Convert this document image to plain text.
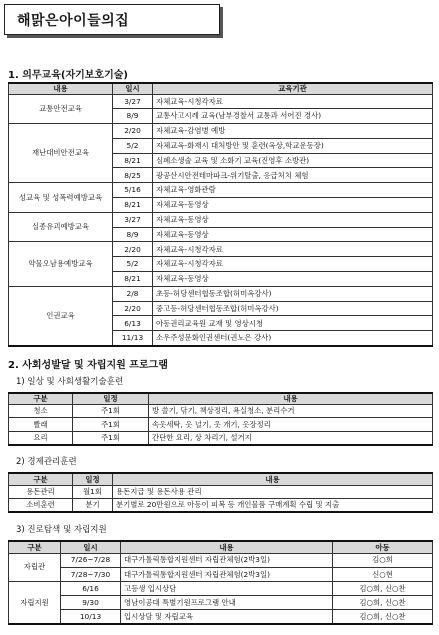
해맑은아이들의집
1. 의무교육(자기보호기술)
내용	일시	교육기관
교통안전교육	3/27	자체교육-시청각자료
	8/9	교통사고시례 교육(남부경찰서 교통과 서어진 경사)
재난대비안전교육	2/20	자체교육-감염병 예방
	5/2	자체교육-화재시 대처방안 및 훈련(옥상,학교운동장)
	8/21	심폐소생술 교육 및 소화기 교육(진영후 소방관)
	8/25	광공산시안전테마파크-위기탈출, 응급처치 체험
성교육 및 성폭력예방교육	5/16	자체교육-영화관람
	8/21	자체교육-동영상
실종유괴예방교육	3/27	자체교육-동영상
	8/9	자체교육-동영상
약물오남용예방교육	2/20	자체교육-시청각자료
	5/2	자체교육-시청각자료
	8/21	자체교육-동영상
인권교육	2/8	초등-허당센터협동조합(허미옥강사)
	2/20	중고등-허당센터협동조합(허미옥강사)
	6/13	아동권리교육원 교재 및 영상시청
	11/13	소우주성문화인권센터(권노은 강사)
2. 사회성발달 및 자립지원 프로그램
1) 일상 및 사회생활기술훈련
구분	일정	내용
청소	주1회	방 쓸기, 닦기, 책상정리, 욕실청소, 분리수거
빨래	주1회	속옷세탁, 옷 널기, 옷 개기, 옷장정리
요리	주1회	간단한 요리, 상 차리기, 설거지
2) 경제관리훈련
구분	일정	내용
용돈관리	월1회	용돈지급 및 용돈사용 관리
소비훈련	분기	분기별로 20만원으로 아동이 피복 등 개인물품 구매계획 수립 및 지출
3) 진로탐색 및 자립지원
구분	일시	내용	아동
자립관	7/26~7/28	대구가톨릭통합지원센터 자립관체험(2박3일)	김○희
	7/28~7/30	대구가톨릭통합지원센터 자립관체험(2박3일)	신○현
자립지원	6/16	고등생 입시상담	김○희, 신○찬
	9/30	영남이공대 특별기원프로그램 안내	김○희, 신○찬
	10/13	입시상담 및 자립교육	김○희, 신○찬
